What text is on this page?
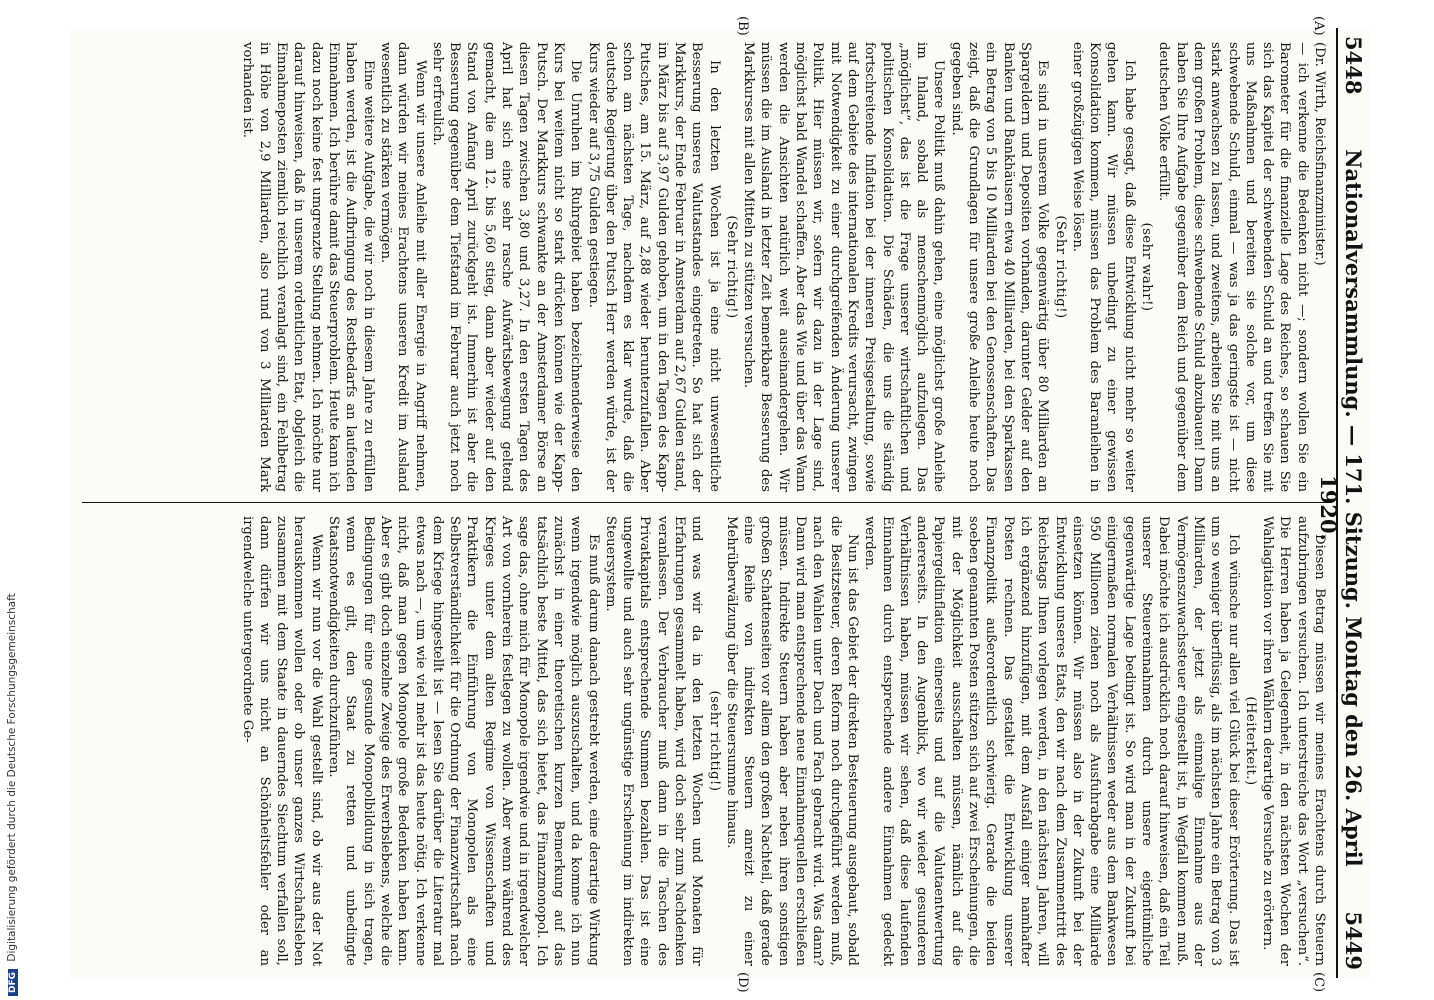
5448
Nationalversammlung. — 171. Sitzung. Montag den 26. April 1920.
5449
(A)
(B)
(C)
(D)

(Dr. Wirth, Reichsfinanzminister.)

— ich verkenne die Bedenken nicht —; sondern wollen Sie ein Barometer für die finanzielle Lage des Reiches, so schauen Sie sich das Kapitel der schwebenden Schuld an und treffen Sie mit uns Maßnahmen und bereiten sie solche vor, um diese schwebende Schuld, einmal — was ja das geringste ist — nicht stark anwachsen zu lassen, und zweitens, arbeiten Sie mit uns an dem großen Problem, diese schwebende Schuld abzubauen! Dann haben Sie Ihre Aufgabe gegenüber dem Reich und gegenüber dem deutschen Volke erfüllt.

(sehr wahr!)

Ich habe gesagt, daß diese Entwicklung nicht mehr so weiter gehen kann. Wir müssen unbedingt zu einer gewissen Konsolidation kommen, müssen das Problem des Baranleihen in einer großzügigen Weise lösen.

(Sehr richtig!)

Es sind in unserem Volke gegenwärtig über 80 Milliarden an Spargeldern und Depositen vorhanden, darunter Gelder auf den Banken und Bankhäusern etwa 40 Milliarden, bei den Sparkassen ein Betrag von 5 bis 10 Milliarden bei den Genossenschaften. Das zeigt, daß die Grundlagen für unsere große Anleihe heute noch gegeben sind.

Unsere Politik muß dahin gehen, eine möglichst große Anleihe im Inland, sobald als menschenmöglich aufzulegen. Das „möglichst“, das ist die Frage unserer wirtschaftlichen und politischen Konsolidation. Die Schäden, die uns die ständig fortschreitende Inflation bei der inneren Preisgestaltung, sowie auf dem Gebiete des internationalen Kredits verursacht, zwingen mit Notwendigkeit zu einer durchgreifenden Änderung unserer Politik. Hier müssen wir, sofern wir dazu in der Lage sind, möglichst bald Wandel schaffen. Aber das Wie und über das Wann werden die Ansichten natürlich weit auseinandergehen. Wir müssen die im Ausland in letzter Zeit bemerkbare Besserung des Markkurses mit allen Mitteln zu stützen versuchen.

(Sehr richtig!)

In den letzten Wochen ist ja eine nicht unwesentliche Besserung unseres Valutastandes eingetreten. So hat sich der Markkurs, der Ende Februar in Amsterdam auf 2,67 Gulden stand, im März bis auf 3,97 Gulden gehoben, um in den Tagen des Kapp-Putsches, am 15. März, auf 2,88 wieder herunterzufallen. Aber schon am nächsten Tage, nachdem es klar wurde, daß die deutsche Regierung über den Putsch Herr werden würde, ist der Kurs wieder auf 3,75 Gulden gestiegen.

Die Unruhen im Ruhrgebiet haben bezeichnenderweise den Kurs bei weitem nicht so stark drücken können wie der Kapp-Putsch. Der Markkurs schwankte an der Amsterdamer Börse an diesen Tagen zwischen 3,80 und 3,27. In den ersten Tagen des April hat sich eine sehr rasche Aufwärtsbewegung geltend gemacht, die am 12. bis 5,60 stieg, dann aber wieder auf den Stand von Anfang April zurückgeht ist. Immerhin ist aber die Besserung gegenüber dem Tiefstand im Februar auch jetzt noch sehr erfreulich.

Wenn wir unsere Anleihe mit aller Energie in Angriff nehmen, dann würden wir meines Erachtens unseren Kredit im Ausland wesentlich zu stärken vermögen.

Eine weitere Aufgabe, die wir noch in diesem Jahre zu erfüllen haben werden, ist die Aufbringung des Restbedarfs an laufenden Einnahmen. Ich berühre damit das Steuerproblem. Heute kann ich dazu noch keine fest umgrenzte Stellung nehmen. Ich möchte nur darauf hinweisen, daß in unserem ordentlichen Etat, obgleich die Einnahmeposten ziemlich reichlich veranlagt sind, ein Fehlbetrag in Höhe von 2,9 Milliarden, also rund von 3 Milliarden Mark vorhanden ist.

Diesen Betrag müssen wir meines Erachtens durch Steuern aufzubringen versuchen. Ich unterstreiche das Wort „versuchen“. Die Herren haben ja Gelegenheit, in den nächsten Wochen der Wahlagitation vor ihren Wählern derartige Versuche zu erörtern.

(Heiterkeit.)

Ich wünsche nur allen viel Glück bei dieser Erörterung. Das ist um so weniger überflüssig, als im nächsten Jahre ein Betrag von 3 Milliarden, der jetzt als einmalige Einnahme aus der Vermögenszuwachssteuer eingestellt ist, in Wegfall kommen muß. Dabei möchte ich ausdrücklich noch darauf hinweisen, daß ein Teil unserer Steuereinnahmen durch unsere eigentümliche gegenwärtige Lage bedingt ist. So wird man in der Zukunft bei einigermaßen normalen Verhältnissen weder aus dem Bankwesen 950 Millionen ziehen noch als Ausfuhrabgabe eine Milliarde einsetzen können. Wir müssen also in der Zukunft bei der Entwicklung unseres Etats, den wir nach dem Zusammentritt des Reichstags Ihnen vorlegen werden, in den nächsten Jahren, will ich ergänzend hinzufügen, mit dem Ausfall einiger namhafter Posten rechnen. Das gestaltet die Entwicklung unserer Finanzpolitik außerordentlich schwierig. Gerade die beiden soeben genannten Posten stützen sich auf zwei Erscheinungen, die mit der Möglichkeit ausschalten müssen, nämlich auf die Papiergeldinflation einerseits und auf die Valutaentwertung andererseits. In den Augenblick, wo wir wieder gesunderen Verhältnissen haben, müssen wir sehen, daß diese laufenden Einnahmen durch entsprechende andere Einnahmen gedeckt werden.

Nun ist das Gebiet der direkten Besteuerung ausgebaut, sobald die Besitzsteuer, deren Reform noch durchgeführt werden muß, nach den Wahlen unter Dach und Fach gebracht wird. Was dann? Dann wird man entsprechende neue Einnahmequellen erschließen müssen. Indirekte Steuern haben aber neben ihren sonstigen großen Schattenseiten vor allem den großen Nachteil, daß gerade eine Reihe von indirekten Steuern anreizt zu einer Mehrüberwälzung über die Steuersumme hinaus.

(sehr richtig!)

und was wir da in den letzten Wochen und Monaten für Erfahrungen gesammelt haben, wird doch sehr zum Nachdenken veranlassen. Der Verbraucher muß dann in die Taschen des Privatkapitals entsprechende Summen bezahlen. Das ist eine ungewollte und auch sehr ungünstige Erscheinung im indirekten Steuersystem.

Es muß darum danach gestrebt werden, eine derartige Wirkung wenn irgendwie möglich auszuschalten, und da komme ich nun zunächst in einer theoretischen kurzen Bemerkung auf das tatsächlich beste Mittel, das sich bietet, das Finanzmonopol. Ich sage das, ohne mich für Monopole irgendwie und in irgendwelcher Art von vornherein festlegen zu wollen. Aber wenn während des Krieges unter dem alten Regime von Wissenschaften und Praktikern die Einführung von Monopolen als eine Selbstverständlichkeit für die Ordnung der Finanzwirtschaft nach dem Kriege hingestellt ist — lesen Sie darüber die Literatur mal etwas nach —, um wie viel mehr ist das heute nötig. Ich verkenne nicht, daß man gegen Monopole große Bedenken haben kann. Aber es gibt doch einzelne Zweige des Erwerbslebens, welche die Bedingungen für eine gesunde Monopolbildung in sich tragen, wenn es gilt, den Staat zu retten und unbedingte Staatsnotwendigkeiten durchzuführen.

Wenn wir nun vor die Wahl gestellt sind, ob wir aus der Not herauskommen wollen oder ob unser ganzes Wirtschaftsleben zusammen mit dem Staate in dauerndes Siechtum verfallen soll, dann dürfen wir uns nicht an Schönheitsfehler oder an irgendwelche untergeordnete Ge-

DFG Digitalisierung gefördert durch die Deutsche Forschungsgemeinschaft
